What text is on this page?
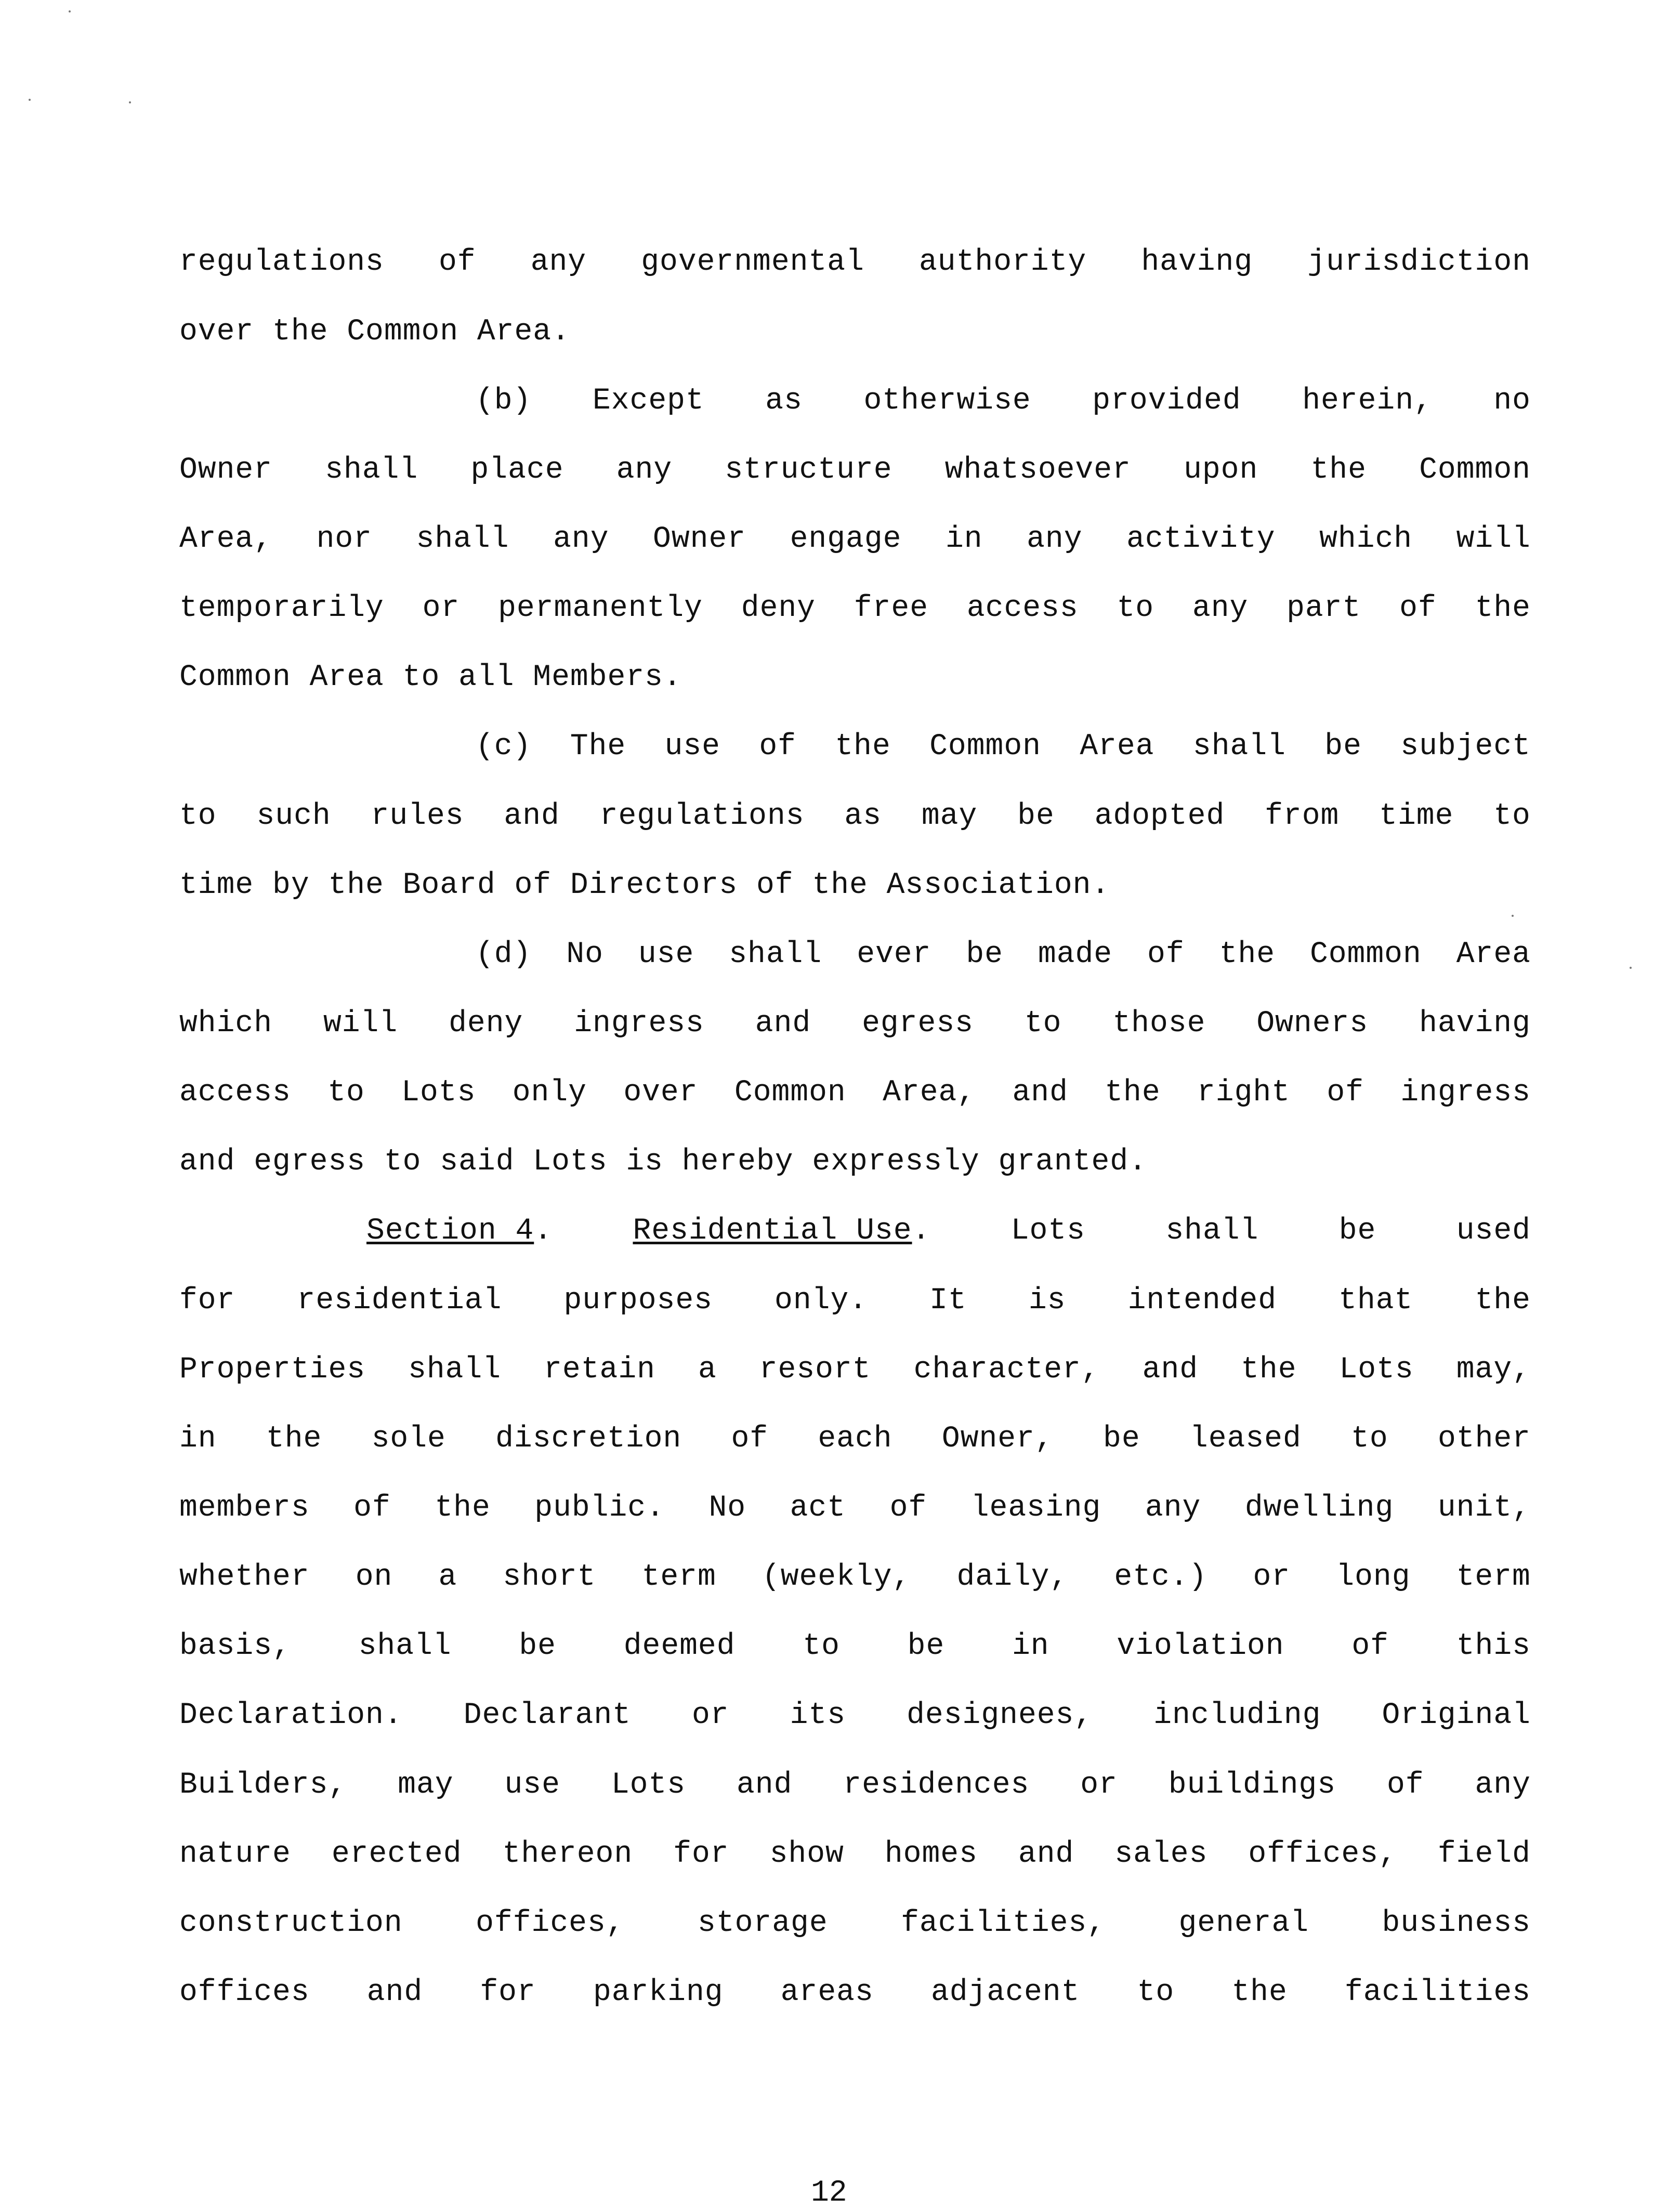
regulations of any governmental authority having jurisdiction
over the Common Area.
(b) Except as otherwise provided herein, no
Owner shall place any structure whatsoever upon the Common
Area, nor shall any Owner engage in any activity which will
temporarily or permanently deny free access to any part of the
Common Area to all Members.
(c) The use of the Common Area shall be subject
to such rules and regulations as may be adopted from time to
time by the Board of Directors of the Association.
(d) No use shall ever be made of the Common Area
which will deny ingress and egress to those Owners having
access to Lots only over Common Area, and the right of ingress
and egress to said Lots is hereby expressly granted.
Section 4.	Residential Use.	Lots	shall	be	used
for residential purposes only. It is intended that the
Properties shall retain a resort character, and the Lots may,
in the sole discretion of each Owner, be leased to other
members of the public. No act of leasing any dwelling unit,
whether on a short term (weekly, daily, etc.) or long term
basis, shall be deemed to be in violation of this
Declaration. Declarant or its designees, including Original
Builders, may use Lots and residences or buildings of any
nature erected thereon for show homes and sales offices, field
construction offices, storage facilities, general business
offices and for parking areas adjacent to the facilities
12
